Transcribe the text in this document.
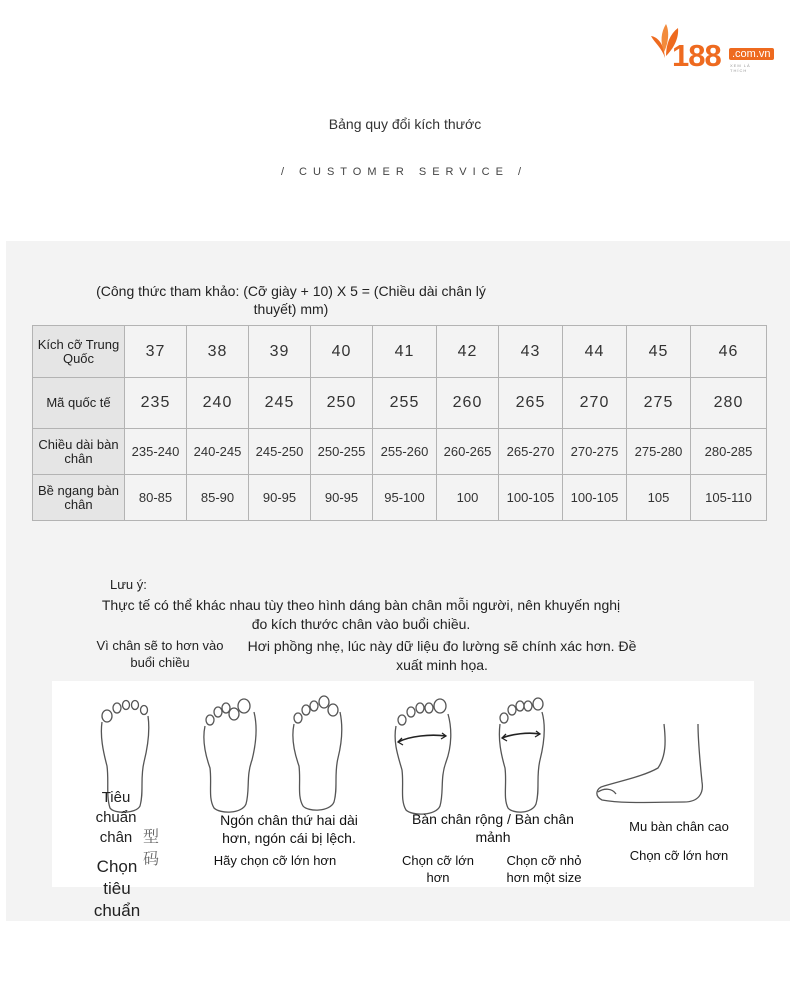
188 .com.vn
XEM LÀ THÍCH
Bảng quy đổi kích thước
/ CUSTOMER SERVICE /
(Công thức tham khảo: (Cỡ giày + 10) X 5 = (Chiều dài chân lý thuyết) mm)
Kích cỡ Trung Quốc	37	38	39	40	41	42	43	44	45	46
Mã quốc tế	235	240	245	250	255	260	265	270	275	280
Chiều dài bàn chân	235-240	240-245	245-250	250-255	255-260	260-265	265-270	270-275	275-280	280-285
Bề ngang bàn chân	80-85	85-90	90-95	90-95	95-100	100	100-105	100-105	105	105-110
Lưu ý:
Thực tế có thể khác nhau tùy theo hình dáng bàn chân mỗi người, nên khuyến nghị đo kích thước chân vào buổi chiều.
Vì chân sẽ to hơn vào buổi chiều
Hơi phồng nhẹ, lúc này dữ liệu đo lường sẽ chính xác hơn. Đề xuất minh họa.
Tiêu chuẩn chân 型码
Chọn tiêu chuẩn
Ngón chân thứ hai dài hơn, ngón cái bị lệch.
Hãy chọn cỡ lớn hơn
Bàn chân rộng / Bàn chân mảnh
Chọn cỡ lớn hơn
Chọn cỡ nhỏ hơn một size
Mu bàn chân cao
Chọn cỡ lớn hơn
